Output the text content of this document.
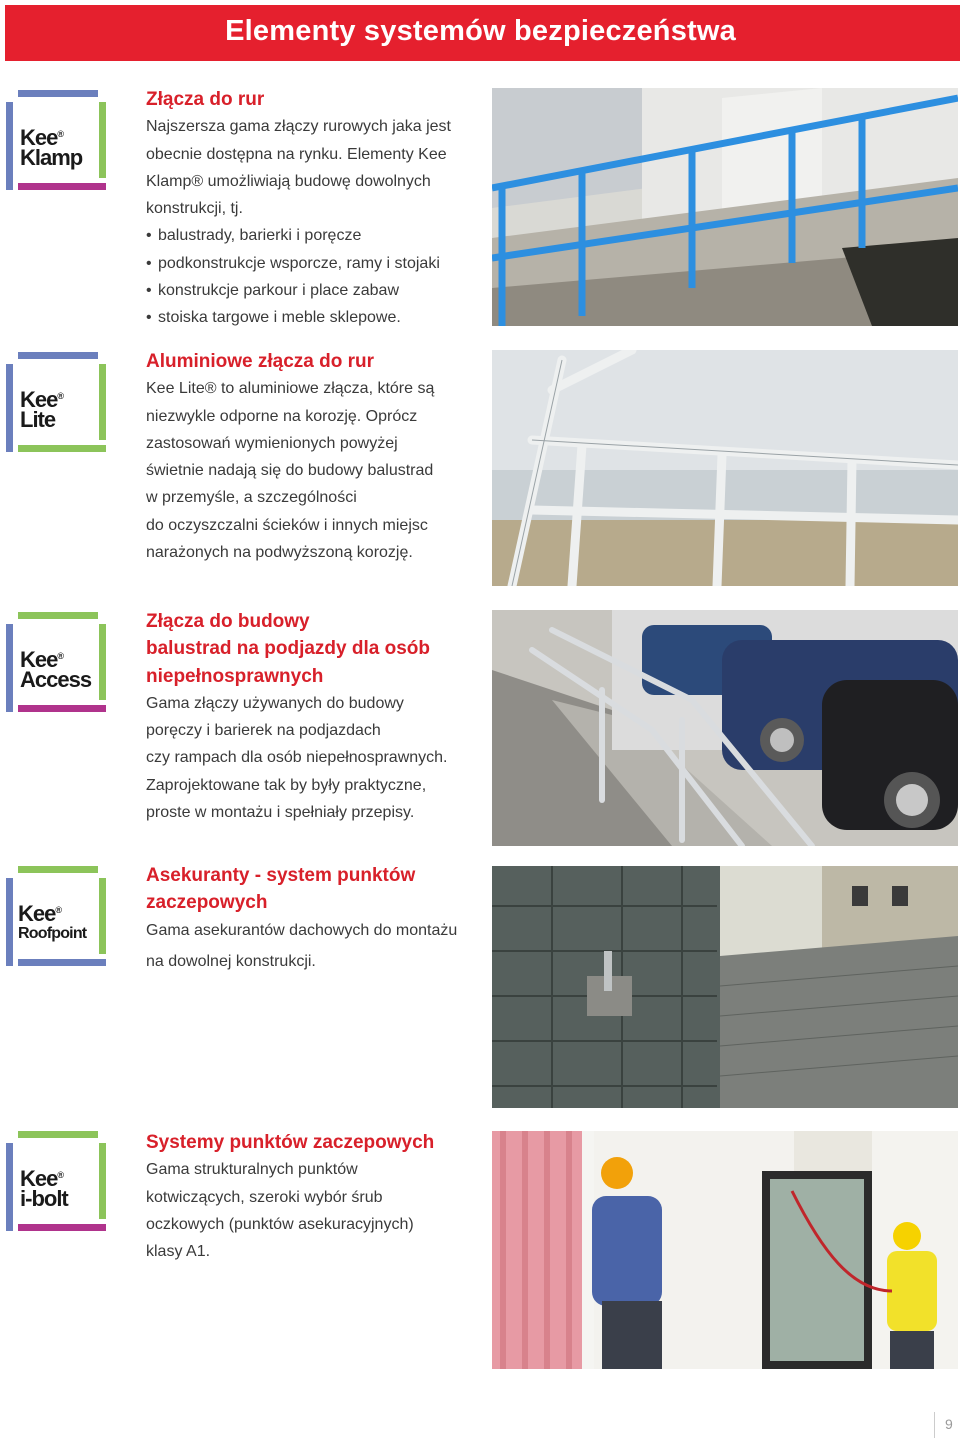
Elementy systemów bezpieczeństwa
Kee®
Klamp
Złącza do rur
Najszersza gama złączy rurowych jaka jest
obecnie dostępna na rynku. Elementy Kee
Klamp® umożliwiają budowę dowolnych
konstrukcji, tj.
• balustrady, barierki i poręcze
• podkonstrukcje wsporcze, ramy i stojaki
• konstrukcje parkour i place zabaw
• stoiska targowe i meble sklepowe.
Kee®
Lite
Aluminiowe złącza do rur
Kee Lite® to aluminiowe złącza, które są
niezwykle odporne na korozję. Oprócz
zastosowań wymienionych powyżej
świetnie nadają się do budowy balustrad
w przemyśle, a szczególności
do oczyszczalni ścieków i innych miejsc
narażonych na podwyższoną korozję.
Kee®
Access
Złącza do budowy
balustrad na podjazdy dla osób
niepełnosprawnych
Gama złączy używanych do budowy
poręczy i barierek na podjazdach
czy rampach dla osób niepełnosprawnych.
Zaprojektowane tak by były praktyczne,
proste w montażu i spełniały przepisy.
Kee®
Roofpoint
Asekuranty - system punktów
zaczepowych
Gama asekurantów dachowych do montażu
na dowolnej konstrukcji.
Kee®
i-bolt
Systemy punktów zaczepowych
Gama strukturalnych punktów
kotwiczących, szeroki wybór śrub
oczkowych (punktów asekuracyjnych)
klasy A1.
9
